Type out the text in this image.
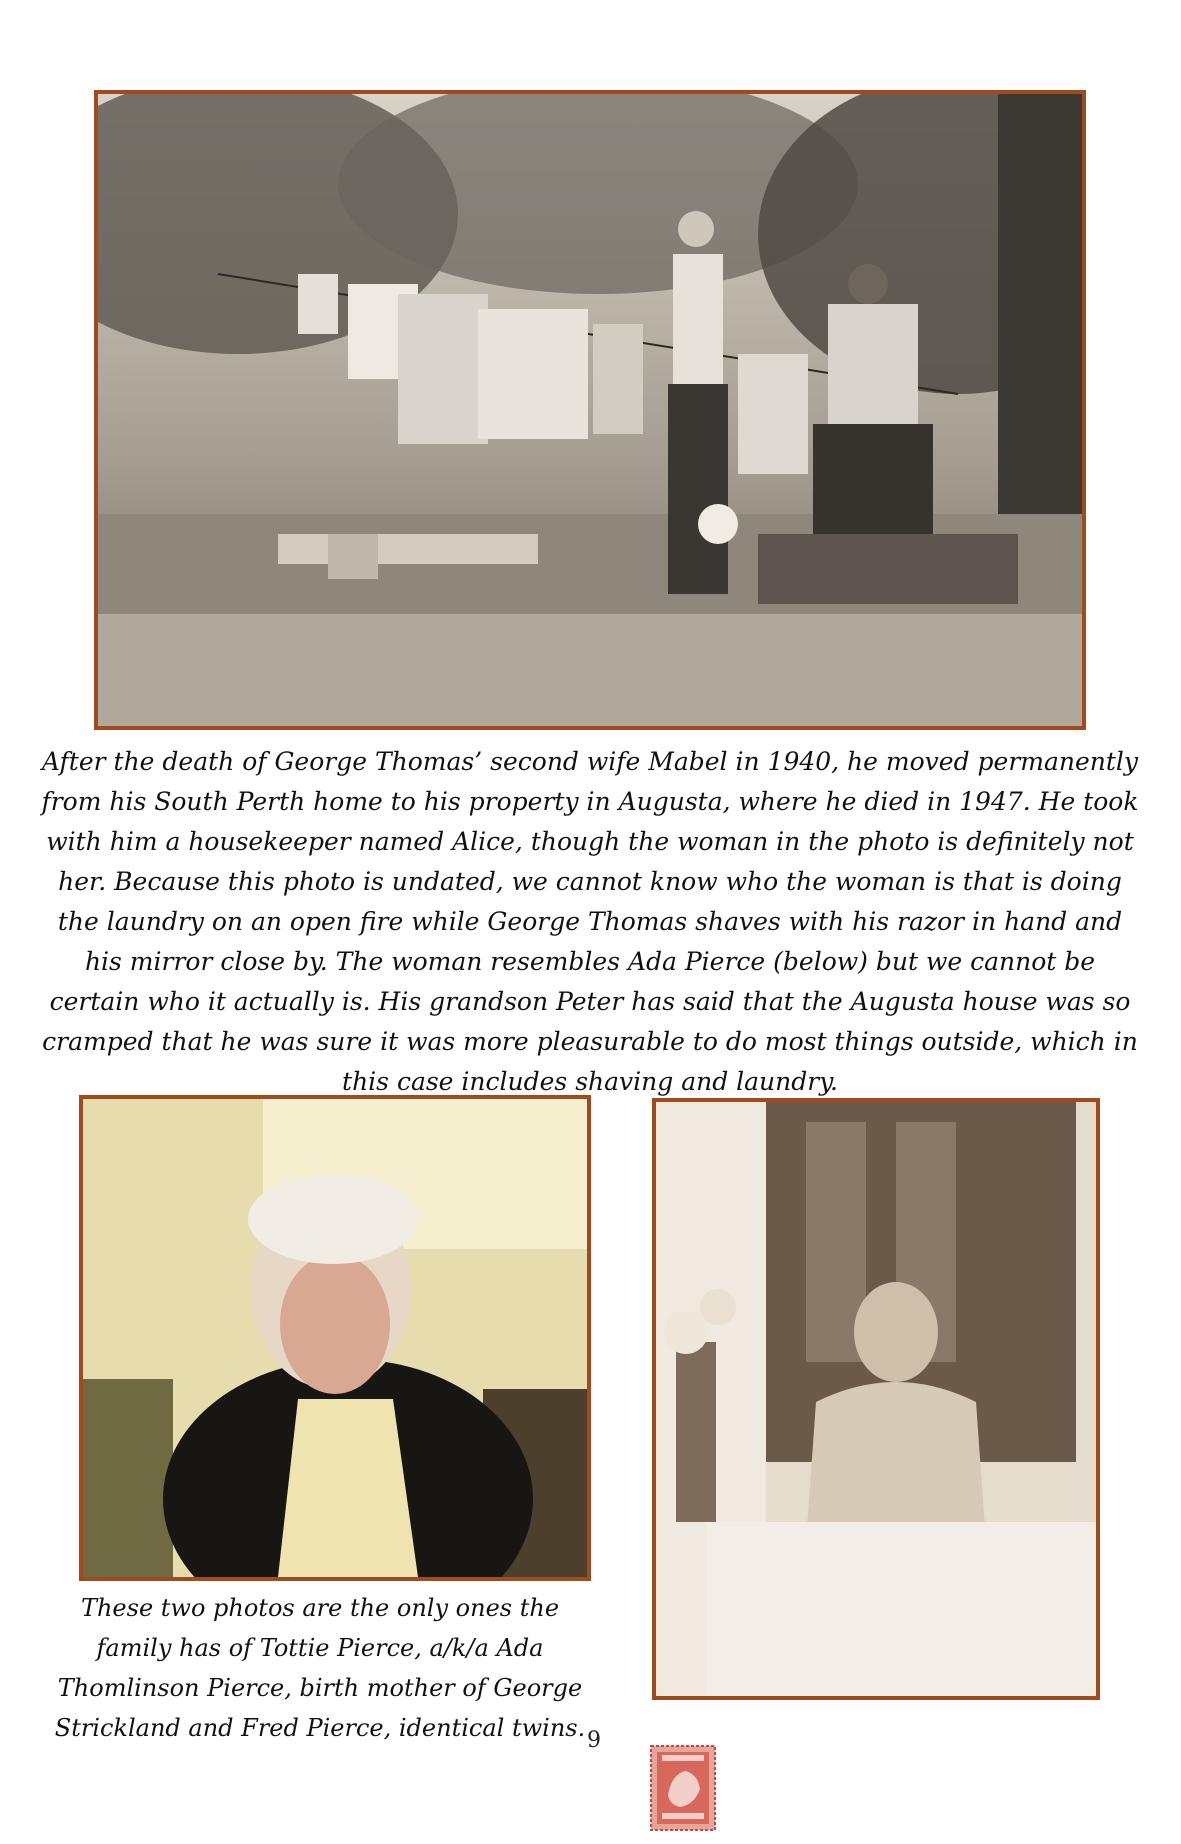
After the death of George Thomas’ second wife Mabel in 1940, he moved permanently from his South Perth home to his property in Augusta, where he died in 1947. He took with him a housekeeper named Alice, though the woman in the photo is definitely not her. Because this photo is undated, we cannot know who the woman is that is doing the laundry on an open fire while George Thomas shaves with his razor in hand and his mirror close by. The woman resembles Ada Pierce (below) but we cannot be certain who it actually is. His grandson Peter has said that the Augusta house was so cramped that he was sure it was more pleasurable to do most things outside, which in this case includes shaving and laundry.
These two photos are the only ones the family has of Tottie Pierce, a/k/a Ada Thomlinson Pierce, birth mother of George Strickland and Fred Pierce, identical twins. 9
